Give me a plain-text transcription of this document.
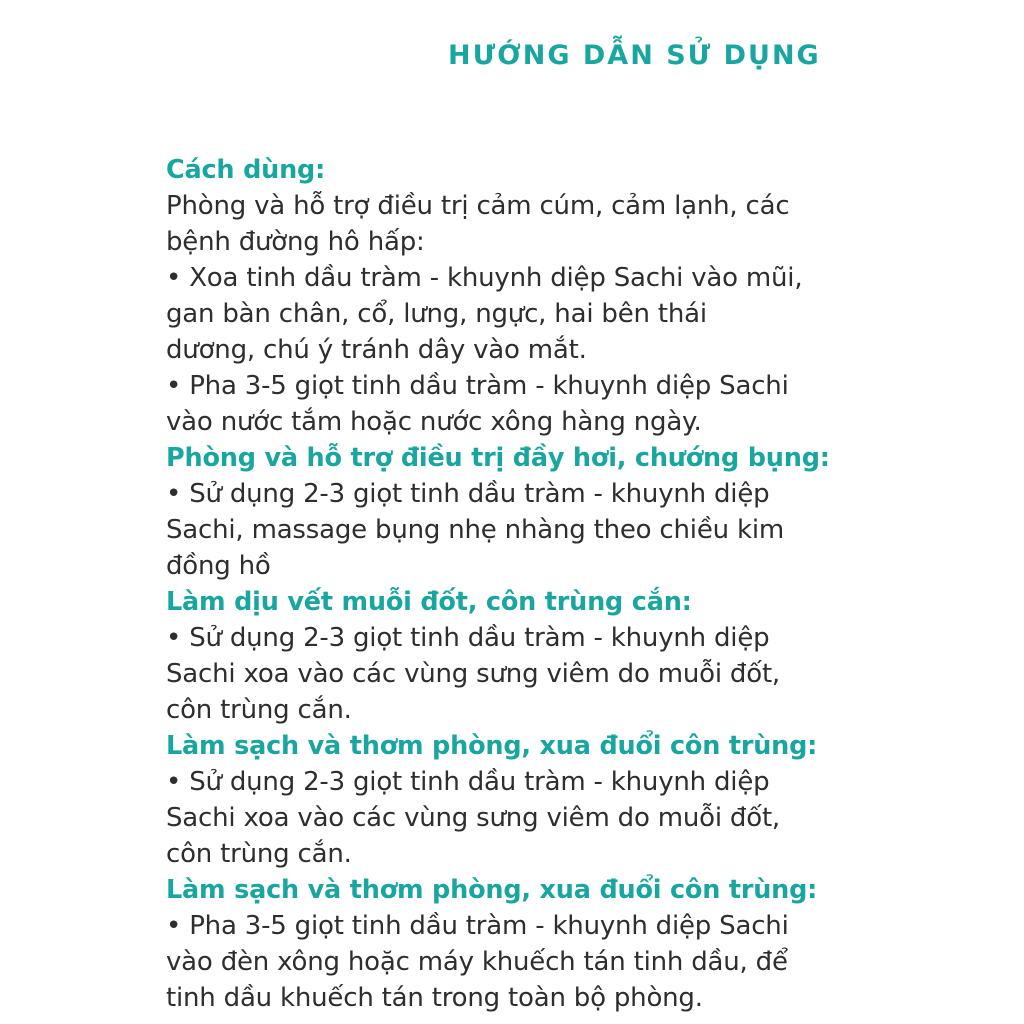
HƯỚNG DẪN SỬ DỤNG
Cách dùng:
Phòng và hỗ trợ điều trị cảm cúm, cảm lạnh, các
bệnh đường hô hấp:
• Xoa tinh dầu tràm - khuynh diệp Sachi vào mũi,
gan bàn chân, cổ, lưng, ngực, hai bên thái
dương, chú ý tránh dây vào mắt.
• Pha 3-5 giọt tinh dầu tràm - khuynh diệp Sachi
vào nước tắm hoặc nước xông hàng ngày.
Phòng và hỗ trợ điều trị đầy hơi, chướng bụng:
• Sử dụng 2-3 giọt tinh dầu tràm - khuynh diệp
Sachi, massage bụng nhẹ nhàng theo chiều kim
đồng hồ
Làm dịu vết muỗi đốt, côn trùng cắn:
• Sử dụng 2-3 giọt tinh dầu tràm - khuynh diệp
Sachi xoa vào các vùng sưng viêm do muỗi đốt,
côn trùng cắn.
Làm sạch và thơm phòng, xua đuổi côn trùng:
• Sử dụng 2-3 giọt tinh dầu tràm - khuynh diệp
Sachi xoa vào các vùng sưng viêm do muỗi đốt,
côn trùng cắn.
Làm sạch và thơm phòng, xua đuổi côn trùng:
• Pha 3-5 giọt tinh dầu tràm - khuynh diệp Sachi
vào đèn xông hoặc máy khuếch tán tinh dầu, để
tinh dầu khuếch tán trong toàn bộ phòng.
